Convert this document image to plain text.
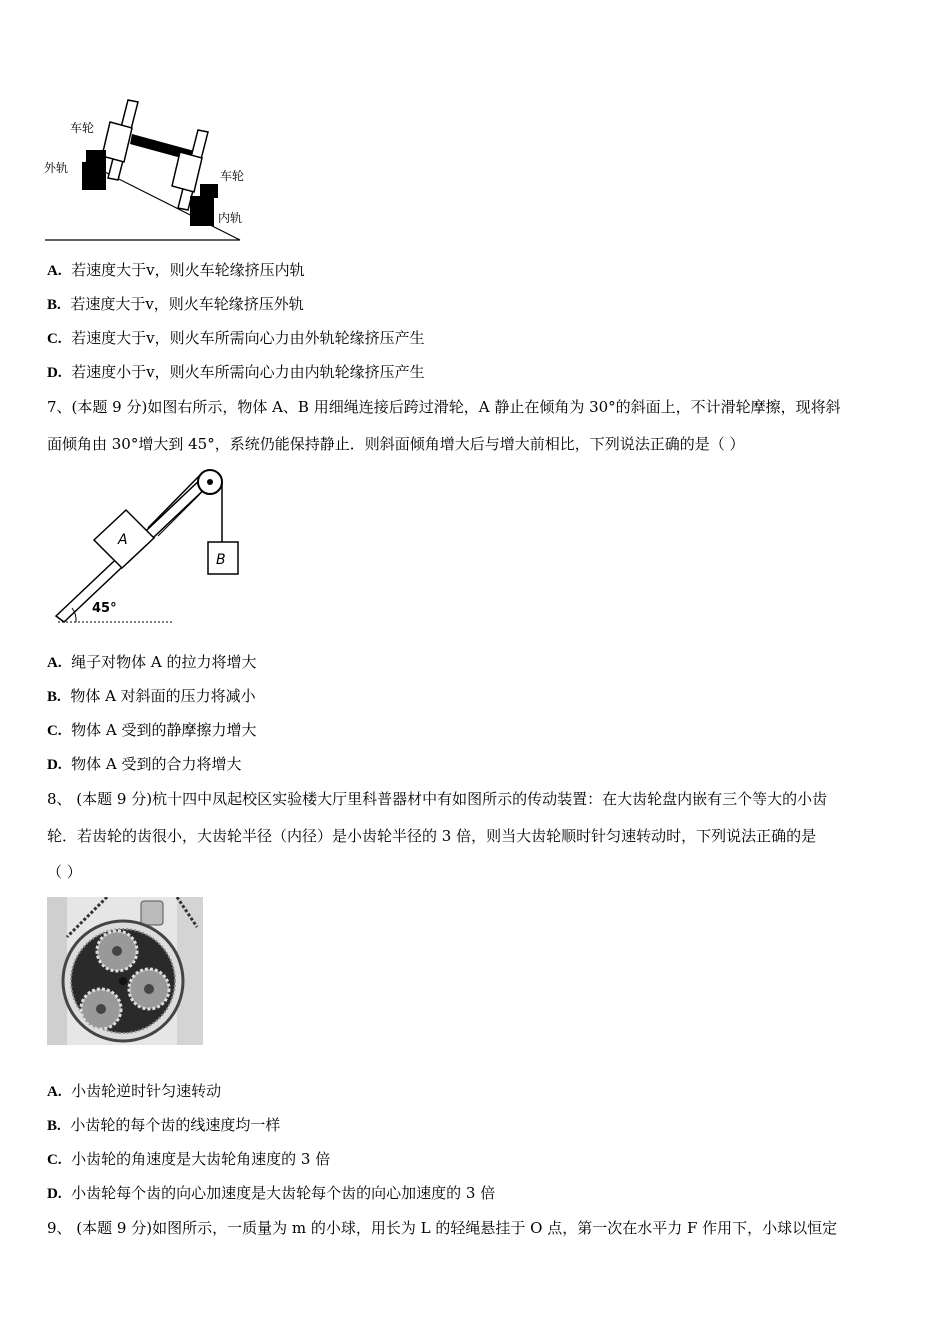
车轮
外轨
车轮
内轨
A. 若速度大于v，则火车轮缘挤压内轨
B. 若速度大于v，则火车轮缘挤压外轨
C. 若速度大于v，则火车所需向心力由外轨轮缘挤压产生
D. 若速度小于v，则火车所需向心力由内轨轮缘挤压产生
7、(本题 9 分)如图右所示，物体 A、B 用细绳连接后跨过滑轮，A 静止在倾角为 30°的斜面上，不计滑轮摩擦，现将斜
面倾角由 30°增大到 45°，系统仍能保持静止．则斜面倾角增大后与增大前相比，下列说法正确的是（ ）
A
B
45°
A. 绳子对物体 A 的拉力将增大
B. 物体 A 对斜面的压力将减小
C. 物体 A 受到的静摩擦力增大
D. 物体 A 受到的合力将增大
8、 (本题 9 分)杭十四中凤起校区实验楼大厅里科普器材中有如图所示的传动装置：在大齿轮盘内嵌有三个等大的小齿
轮．若齿轮的齿很小，大齿轮半径（内径）是小齿轮半径的 3 倍，则当大齿轮顺时针匀速转动时，下列说法正确的是
（ ）
A. 小齿轮逆时针匀速转动
B. 小齿轮的每个齿的线速度均一样
C. 小齿轮的角速度是大齿轮角速度的 3 倍
D. 小齿轮每个齿的向心加速度是大齿轮每个齿的向心加速度的 3 倍
9、 (本题 9 分)如图所示，一质量为 m 的小球，用长为 L 的轻绳悬挂于 O 点，第一次在水平力 F 作用下，小球以恒定
